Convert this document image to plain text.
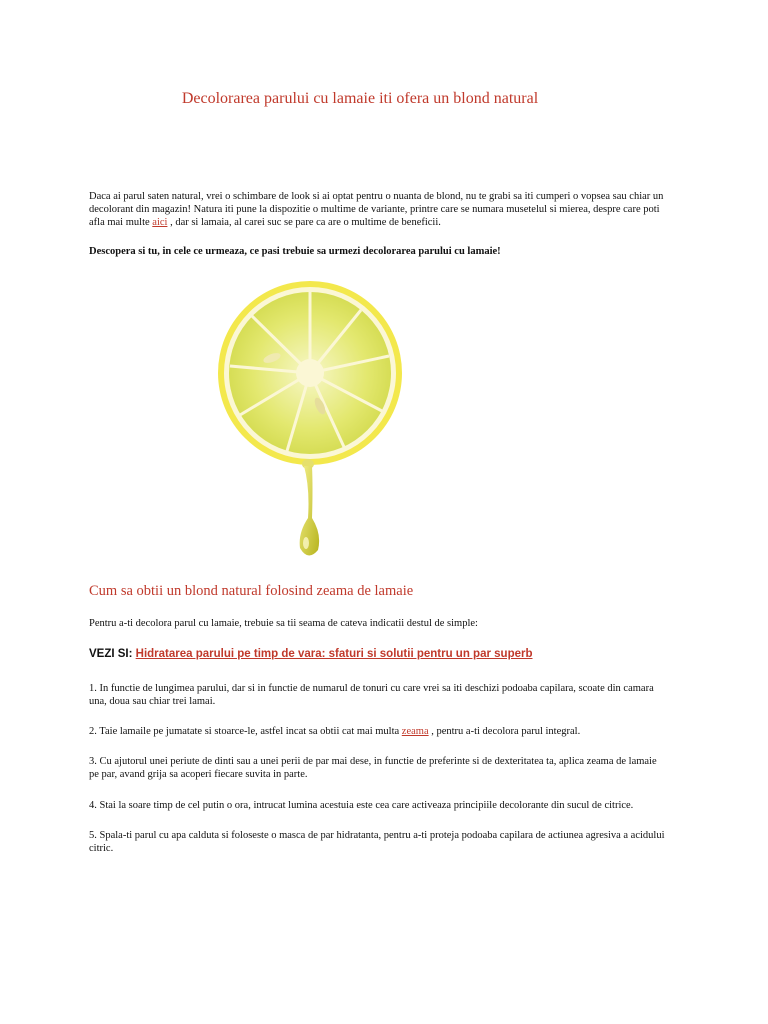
Decolorarea parului cu lamaie iti ofera un blond natural

Daca ai parul saten natural, vrei o schimbare de look si ai optat pentru o nuanta de blond, nu te grabi sa iti cumperi o vopsea sau chiar un decolorant din magazin! Natura iti pune la dispozitie o multime de variante, printre care se numara musetelul si mierea, despre care poti afla mai multe aici , dar si lamaia, al carei suc se pare ca are o multime de beneficii.

Descopera si tu, in cele ce urmeaza, ce pasi trebuie sa urmezi decolorarea parului cu lamaie!

Cum sa obtii un blond natural folosind zeama de lamaie

Pentru a-ti decolora parul cu lamaie, trebuie sa tii seama de cateva indicatii destul de simple:

VEZI SI: Hidratarea parului pe timp de vara: sfaturi si solutii pentru un par superb

1. In functie de lungimea parului, dar si in functie de numarul de tonuri cu care vrei sa iti deschizi podoaba capilara, scoate din camara una, doua sau chiar trei lamai.

2. Taie lamaile pe jumatate si stoarce-le, astfel incat sa obtii cat mai multa zeama , pentru a-ti decolora parul integral.

3. Cu ajutorul unei periute de dinti sau a unei perii de par mai dese, in functie de preferinte si de dexteritatea ta, aplica zeama de lamaie pe par, avand grija sa acoperi fiecare suvita in parte.

4. Stai la soare timp de cel putin o ora, intrucat lumina acestuia este cea care activeaza principiile decolorante din sucul de citrice.

5. Spala-ti parul cu apa calduta si foloseste o masca de par hidratanta, pentru a-ti proteja podoaba capilara de actiunea agresiva a acidului citric.
